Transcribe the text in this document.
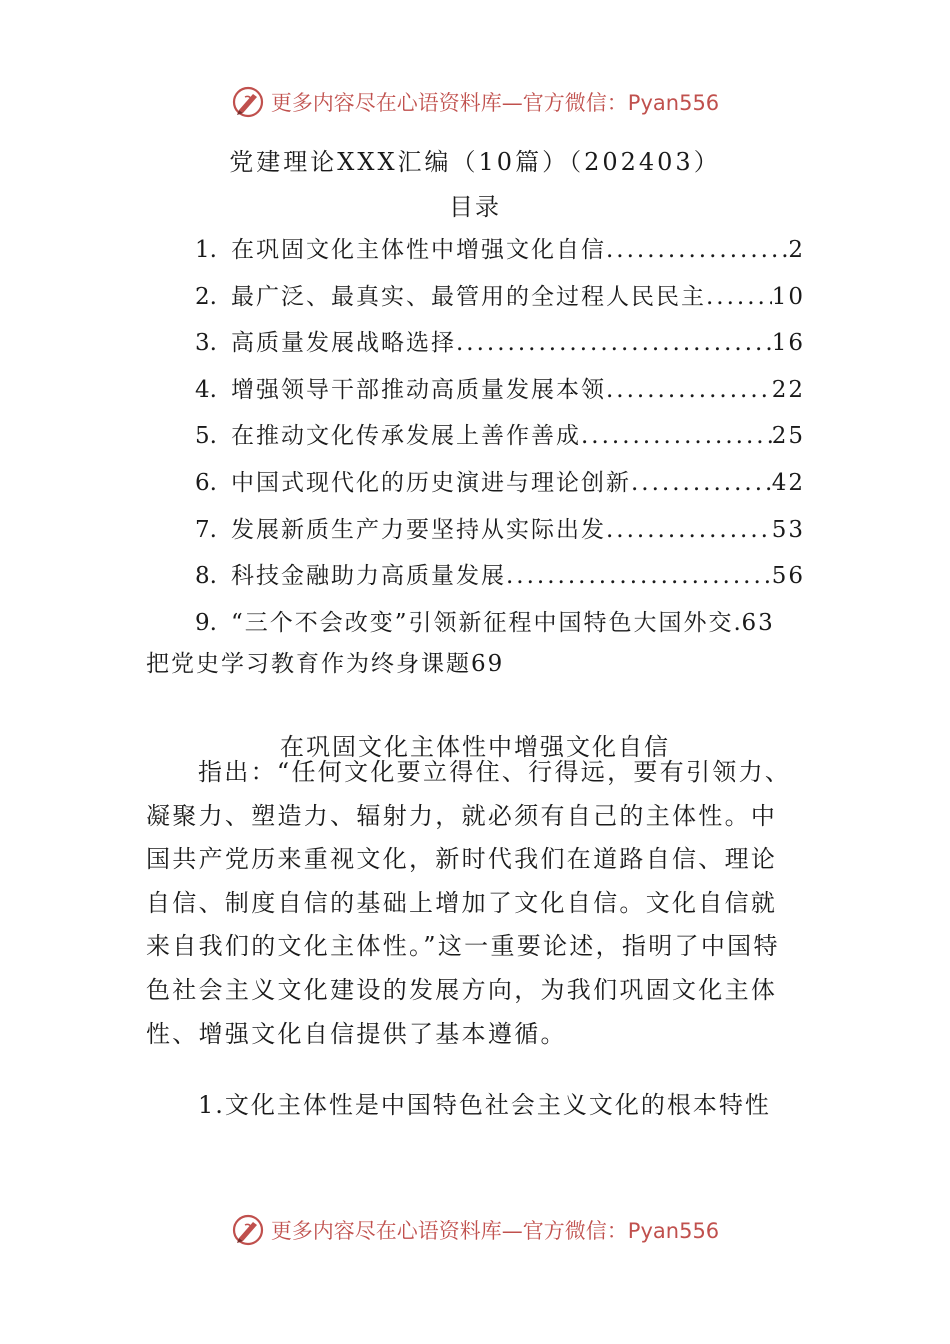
更多内容尽在心语资料库—官方微信：Pyan556
党建理论XXX汇编（10篇）（202403）
目录
1. 在巩固文化主体性中增强文化自信 .....	2
2. 最广泛、最真实、最管用的全过程人民民主 .....	10
3. 高质量发展战略选择 .....	16
4. 增强领导干部推动高质量发展本领 .....	22
5. 在推动文化传承发展上善作善成 .....	25
6. 中国式现代化的历史演进与理论创新 .....	42
7. 发展新质生产力要坚持从实际出发 .....	53
8. 科技金融助力高质量发展 .....	56
9. “三个不会改变”引领新征程中国特色大国外交 ..... 63
把党史学习教育作为终身课题69
在巩固文化主体性中增强文化自信

指出：“任何文化要立得住、行得远，要有引领力、凝聚力、塑造力、辐射力，就必须有自己的主体性。中国共产党历来重视文化，新时代我们在道路自信、理论自信、制度自信的基础上增加了文化自信。文化自信就来自我们的文化主体性。”这一重要论述，指明了中国特色社会主义文化建设的发展方向，为我们巩固文化主体性、增强文化自信提供了基本遵循。

1.文化主体性是中国特色社会主义文化的根本特性
更多内容尽在心语资料库—官方微信：Pyan556
